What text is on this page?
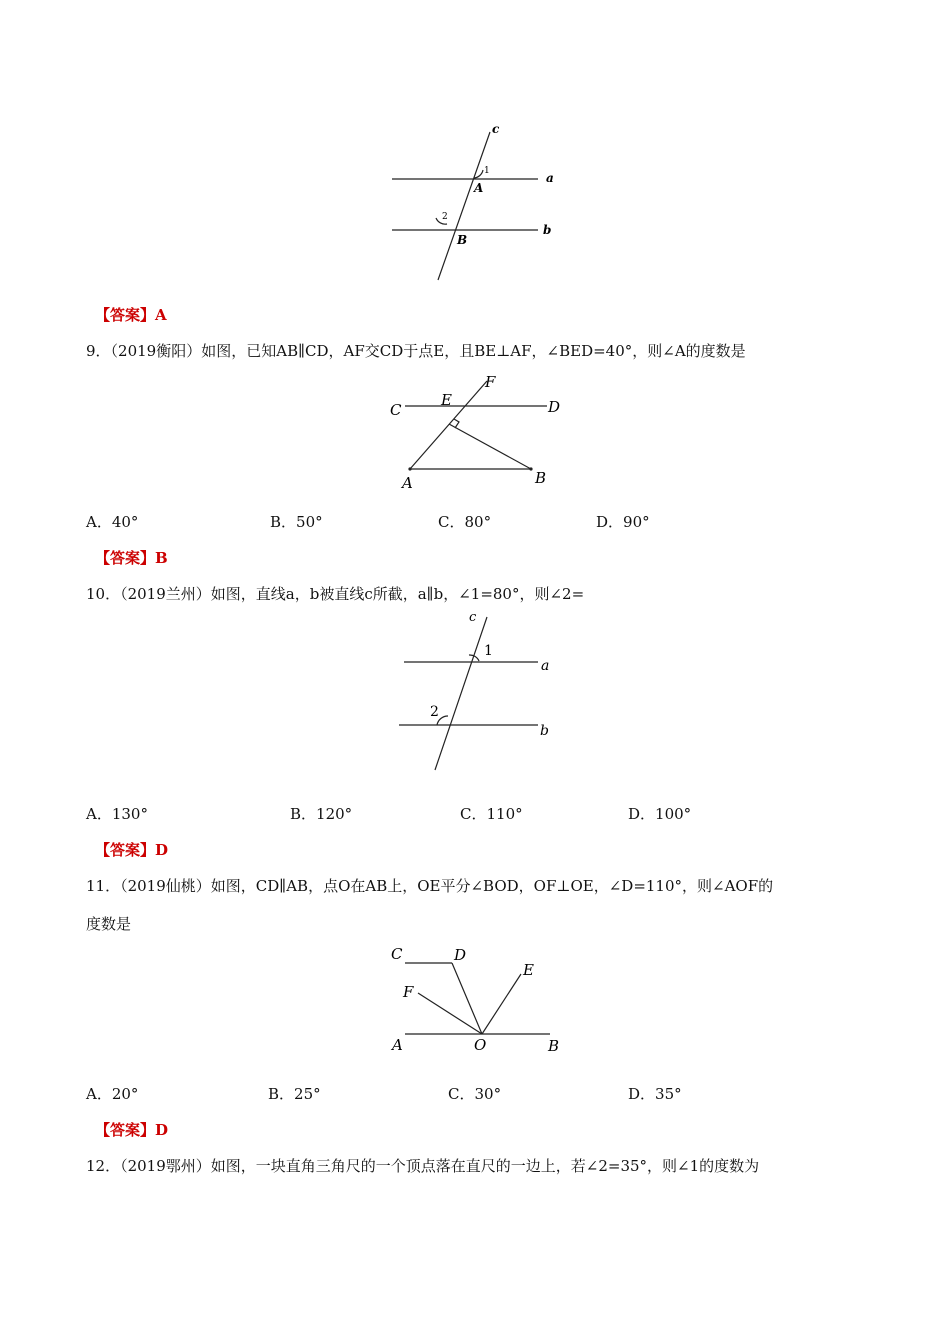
c
a
b
A
B
1
2
【答案】A
9．（2019衡阳）如图，已知AB∥CD，AF交CD于点E，且BE⊥AF，∠BED=40°，则∠A的度数是
C
E
F
D
A	B
A．40°	B．50°	C．80°	D．90°
【答案】B
10．（2019兰州）如图，直线a，b被直线c所截，a∥b，∠1=80°，则∠2=
c
a
b
1
2
A．130°	B．120°	C．110°	D．100°
【答案】D
11．（2019仙桃）如图，CD∥AB，点O在AB上，OE平分∠BOD，OF⊥OE，∠D=110°，则∠AOF的
度数是
C	D
E
F
A	O	B
A．20°	B．25°	C．30°	D．35°
【答案】D
12．（2019鄂州）如图，一块直角三角尺的一个顶点落在直尺的一边上，若∠2=35°，则∠1的度数为
